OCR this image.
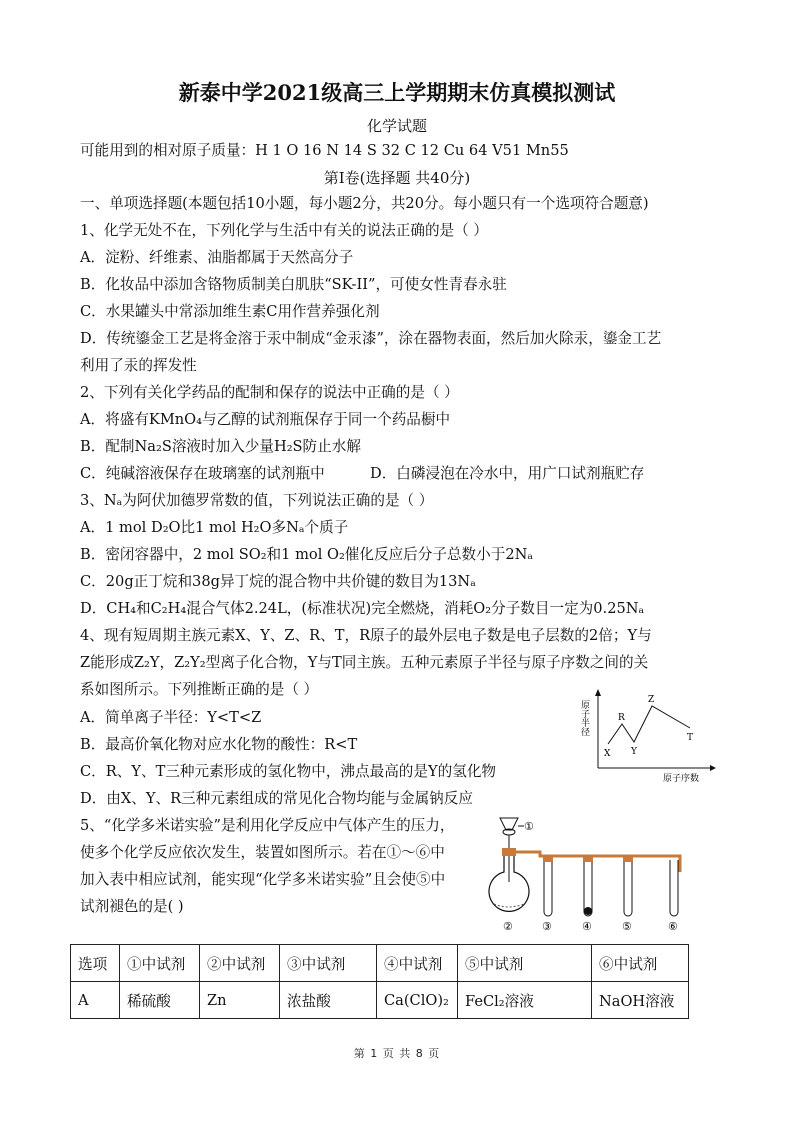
新泰中学2021级高三上学期期末仿真模拟测试
化学试题
可能用到的相对原子质量：H 1 O 16 N 14 S 32 C 12 Cu 64 V51 Mn55
第Ⅰ卷(选择题 共40分)
一、单项选择题(本题包括10小题，每小题2分，共20分。每小题只有一个选项符合题意)
1、化学无处不在，下列化学与生活中有关的说法正确的是（ ）
A．淀粉、纤维素、油脂都属于天然高分子
B．化妆品中添加含铬物质制美白肌肤“SK-II”，可使女性青春永驻
C．水果罐头中常添加维生素C用作营养强化剂
D．传统鎏金工艺是将金溶于汞中制成“金汞漆”，涂在器物表面，然后加火除汞，鎏金工艺
利用了汞的挥发性
2、下列有关化学药品的配制和保存的说法中正确的是（ ）
A．将盛有KMnO₄与乙醇的试剂瓶保存于同一个药品橱中
B．配制Na₂S溶液时加入少量H₂S防止水解
C．纯碱溶液保存在玻璃塞的试剂瓶中	D．白磷浸泡在冷水中，用广口试剂瓶贮存
3、Nₐ为阿伏加德罗常数的值，下列说法正确的是（ ）
A．1 mol D₂O比1 mol H₂O多Nₐ个质子
B．密闭容器中，2 mol SO₂和1 mol O₂催化反应后分子总数小于2Nₐ
C．20g正丁烷和38g异丁烷的混合物中共价键的数目为13Nₐ
D．CH₄和C₂H₄混合气体2.24L，(标准状况)完全燃烧，消耗O₂分子数目一定为0.25Nₐ
4、现有短周期主族元素X、Y、Z、R、T，R原子的最外层电子数是电子层数的2倍；Y与
Z能形成Z₂Y，Z₂Y₂型离子化合物，Y与T同主族。五种元素原子半径与原子序数之间的关
系如图所示。下列推断正确的是（ ）
A．简单离子半径：Y<T<Z
B．最高价氧化物对应水化物的酸性：R<T
C．R、Y、T三种元素形成的氢化物中，沸点最高的是Y的氢化物
D．由X、Y、R三种元素组成的常见化合物均能与金属钠反应
原子半径
原子序数
X
R
Y
Z
T
5、“化学多米诺实验”是利用化学反应中气体产生的压力，
使多个化学反应依次发生，装置如图所示。若在①～⑥中
加入表中相应试剂，能实现“化学多米诺实验”且会使⑤中
试剂褪色的是( )
①
②	③	④	⑤	⑥
选项	①中试剂	②中试剂	③中试剂	④中试剂	⑤中试剂	⑥中试剂
A	稀硫酸	Zn	浓盐酸	Ca(ClO)₂	FeCl₂溶液	NaOH溶液
第 1 页 共 8 页
